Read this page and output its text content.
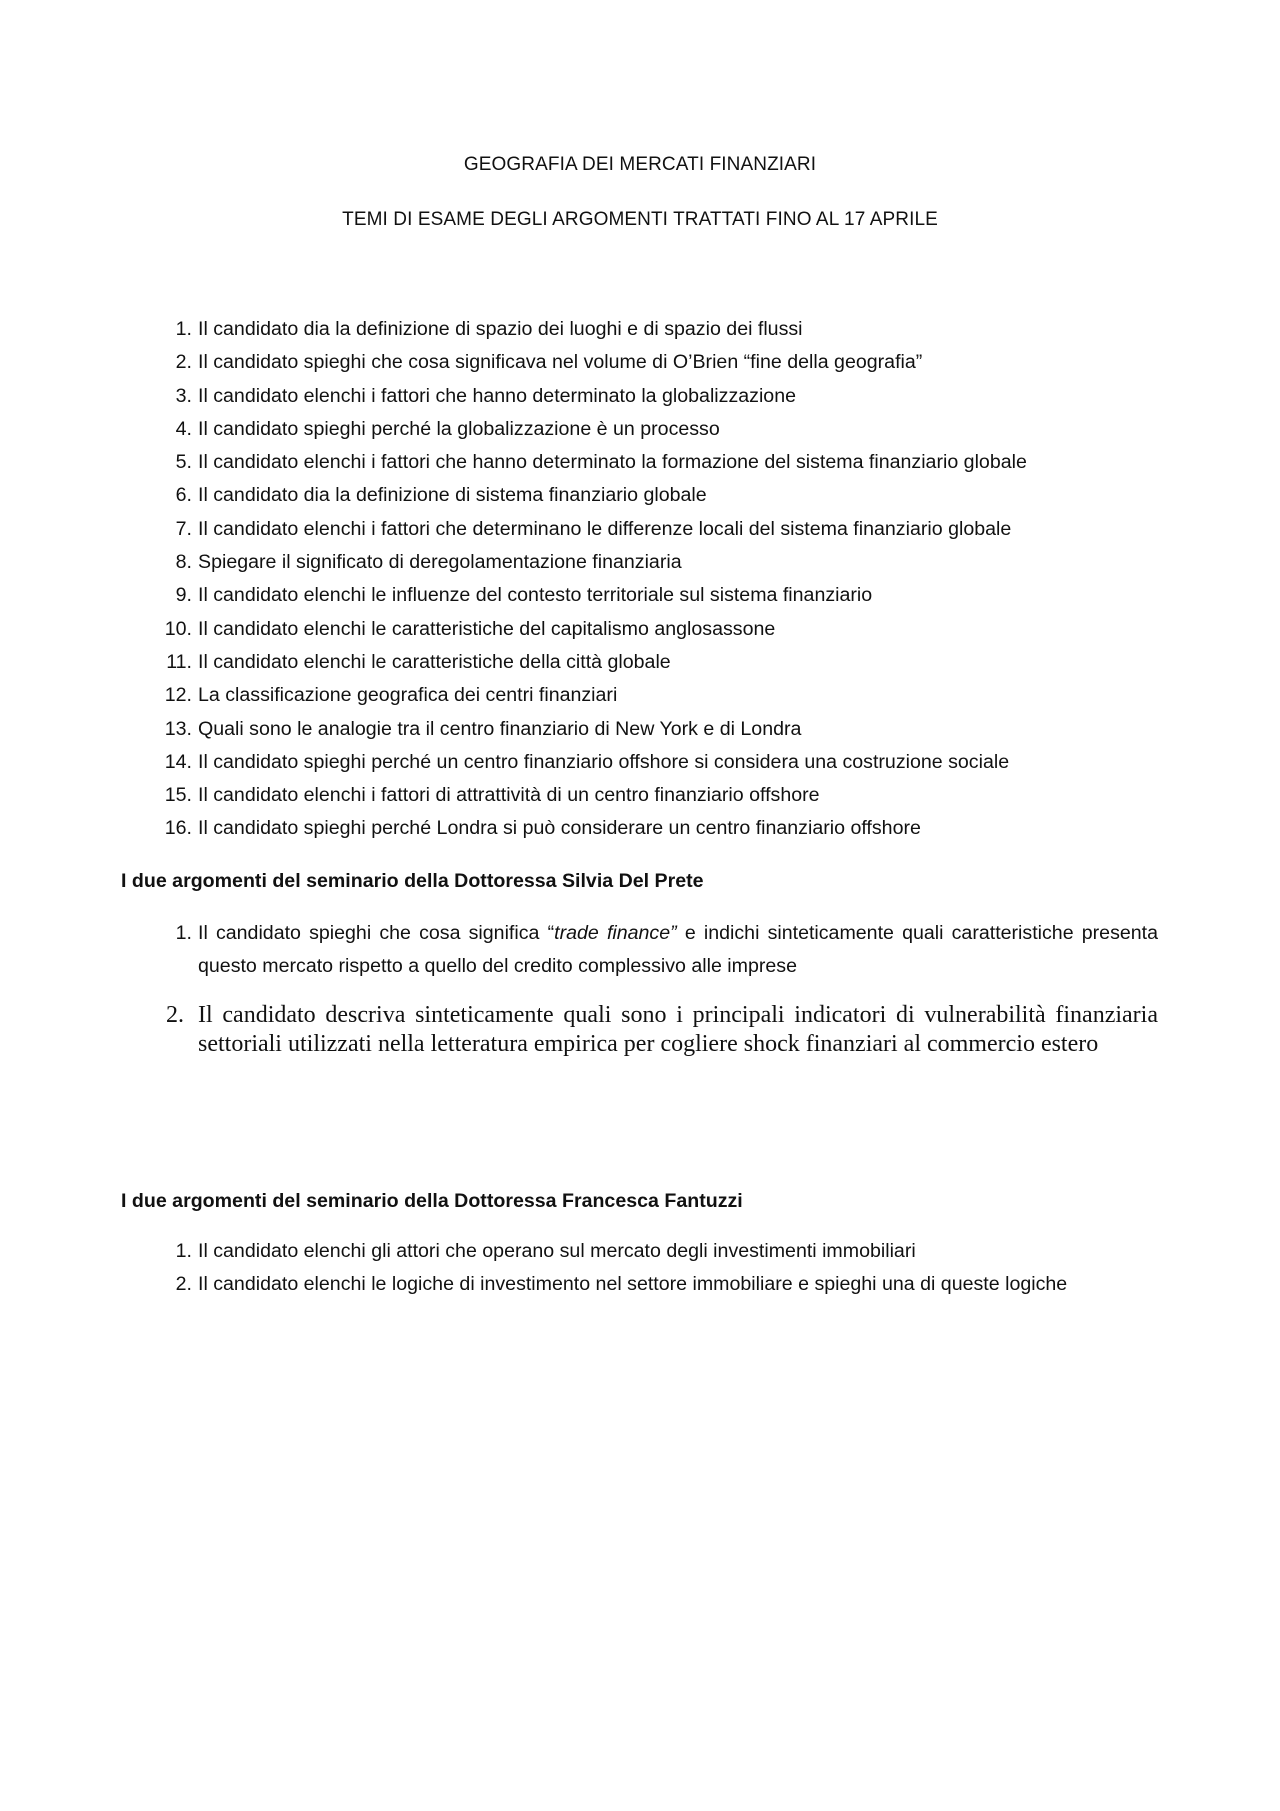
GEOGRAFIA DEI MERCATI FINANZIARI
TEMI DI ESAME DEGLI ARGOMENTI TRATTATI FINO AL 17 APRILE
1. Il candidato dia la definizione di spazio dei luoghi e di spazio dei flussi
2. Il candidato spieghi che cosa significava nel volume di O’Brien “fine della geografia”
3. Il candidato elenchi i fattori che hanno determinato la globalizzazione
4. Il candidato spieghi perché la globalizzazione è un processo
5. Il candidato elenchi i fattori che hanno determinato la formazione del sistema finanziario globale
6. Il candidato dia la definizione di sistema finanziario globale
7. Il candidato elenchi i fattori che determinano le differenze locali del sistema finanziario globale
8. Spiegare il significato di deregolamentazione finanziaria
9. Il candidato elenchi le influenze del contesto territoriale sul sistema finanziario
10. Il candidato elenchi le caratteristiche del capitalismo anglosassone
11. Il candidato elenchi le caratteristiche della città globale
12. La classificazione geografica dei centri finanziari
13. Quali sono le analogie tra il centro finanziario di New York e di Londra
14. Il candidato spieghi perché un centro finanziario offshore si considera una costruzione sociale
15. Il candidato elenchi i fattori di attrattività di un centro finanziario offshore
16. Il candidato spieghi perché Londra si può considerare un centro finanziario offshore
I due argomenti del seminario della Dottoressa Silvia Del Prete
1. Il candidato spieghi che cosa significa “trade finance” e indichi sinteticamente quali caratteristiche presenta questo mercato rispetto a quello del credito complessivo alle imprese
2. Il candidato descriva sinteticamente quali sono i principali indicatori di vulnerabilità finanziaria settoriali utilizzati nella letteratura empirica per cogliere shock finanziari al commercio estero
I due argomenti del seminario della Dottoressa Francesca Fantuzzi
1. Il candidato elenchi gli attori che operano sul mercato degli investimenti immobiliari
2. Il candidato elenchi le logiche di investimento nel settore immobiliare e spieghi una di queste logiche
